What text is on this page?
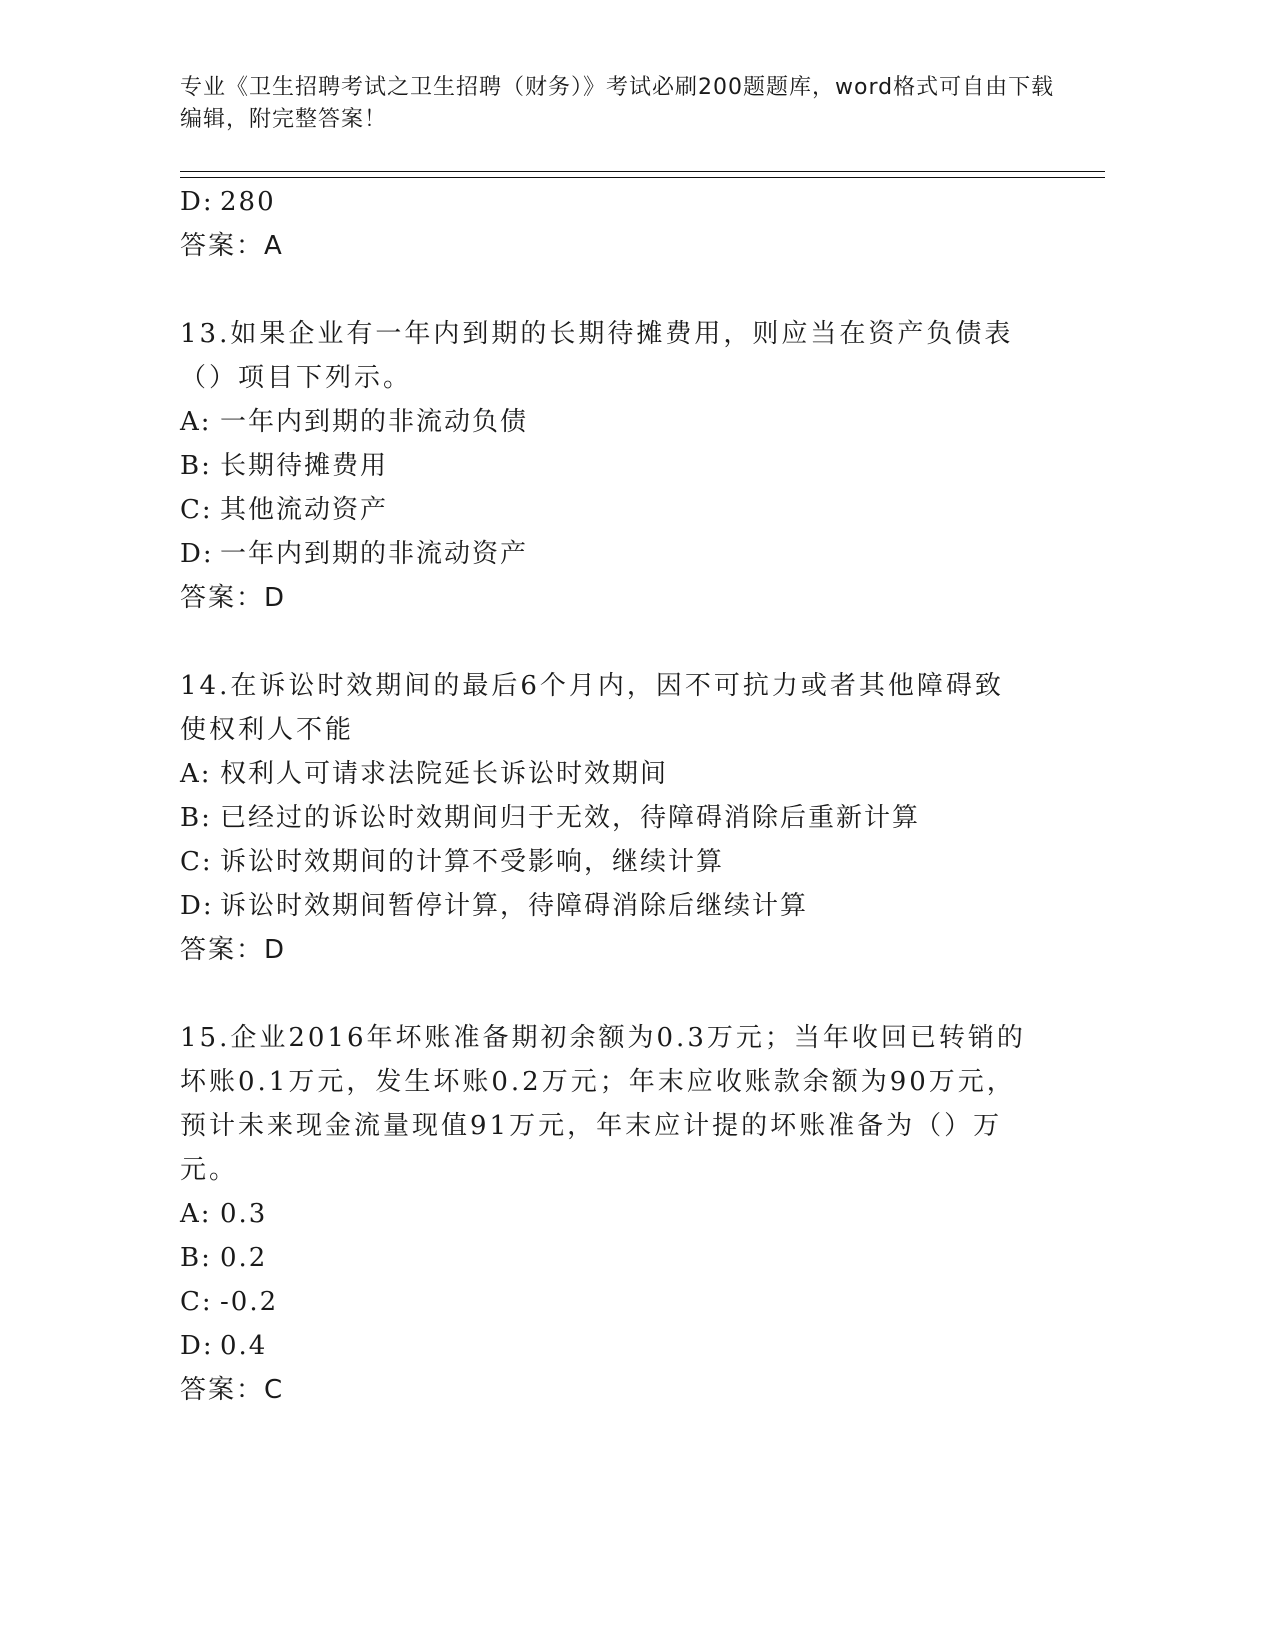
专业《卫生招聘考试之卫生招聘（财务）》考试必刷200题题库，word格式可自由下载编辑，附完整答案！
D: 280
答案：A
13.如果企业有一年内到期的长期待摊费用，则应当在资产负债表（）项目下列示。
A: 一年内到期的非流动负债
B: 长期待摊费用
C: 其他流动资产
D: 一年内到期的非流动资产
答案：D
14.在诉讼时效期间的最后6个月内，因不可抗力或者其他障碍致使权利人不能
A: 权利人可请求法院延长诉讼时效期间
B: 已经过的诉讼时效期间归于无效，待障碍消除后重新计算
C: 诉讼时效期间的计算不受影响，继续计算
D: 诉讼时效期间暂停计算，待障碍消除后继续计算
答案：D
15.企业2016年坏账准备期初余额为0.3万元；当年收回已转销的坏账0.1万元，发生坏账0.2万元；年末应收账款余额为90万元，预计未来现金流量现值91万元，年末应计提的坏账准备为（）万元。
A: 0.3
B: 0.2
C: -0.2
D: 0.4
答案：C
